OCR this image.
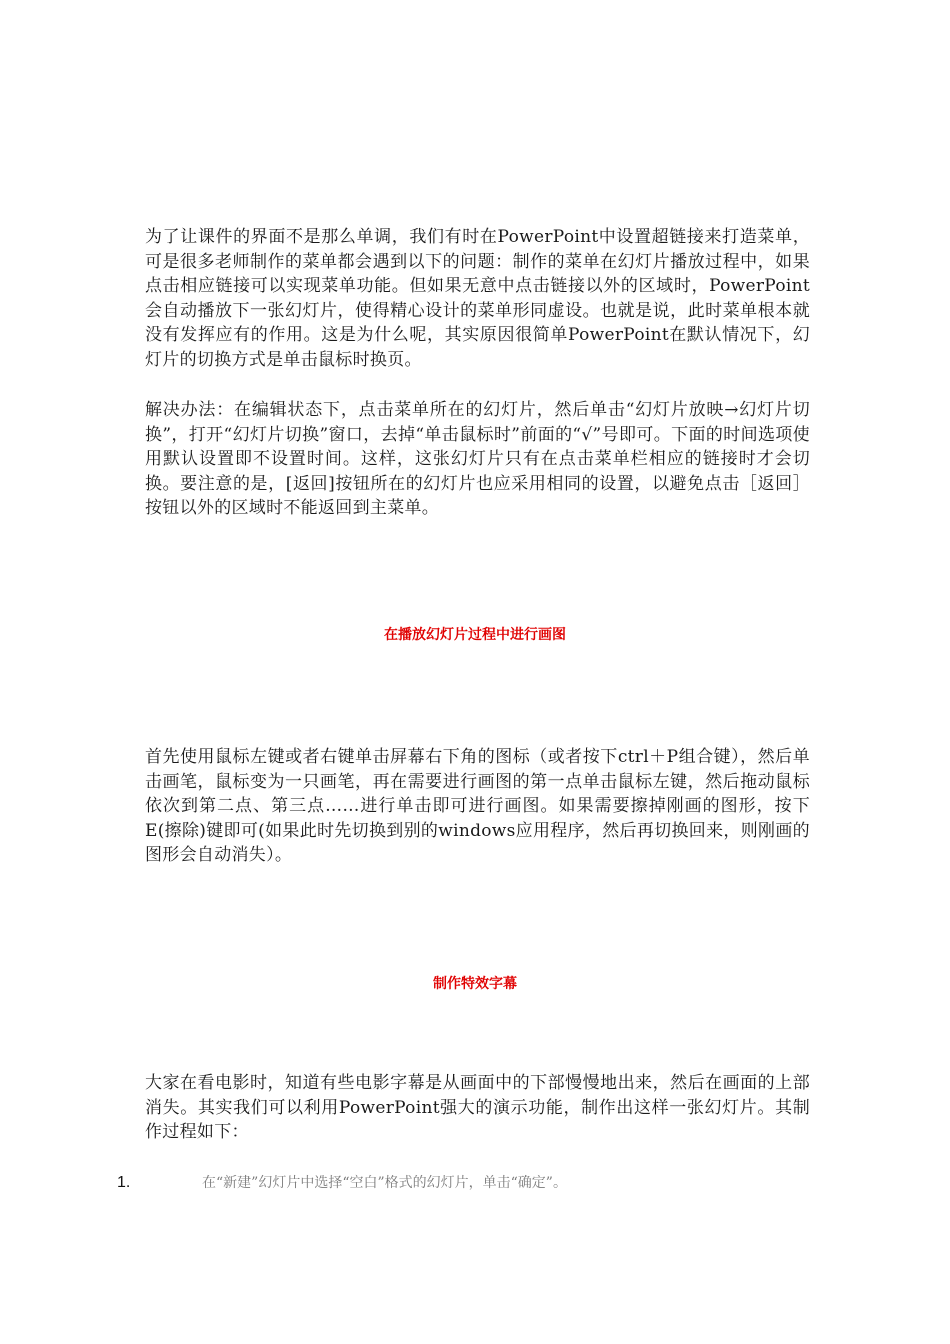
为了让课件的界面不是那么单调，我们有时在PowerPoint中设置超链接来打造菜单，可是很多老师制作的菜单都会遇到以下的问题：制作的菜单在幻灯片播放过程中，如果点击相应链接可以实现菜单功能。但如果无意中点击链接以外的区域时，PowerPoint会自动播放下一张幻灯片，使得精心设计的菜单形同虚设。也就是说，此时菜单根本就没有发挥应有的作用。这是为什么呢，其实原因很简单PowerPoint在默认情况下，幻灯片的切换方式是单击鼠标时换页。

解决办法：在编辑状态下，点击菜单所在的幻灯片，然后单击“幻灯片放映→幻灯片切换”，打开“幻灯片切换”窗口，去掉“单击鼠标时”前面的“√”号即可。下面的时间选项使用默认设置即不设置时间。这样，这张幻灯片只有在点击菜单栏相应的链接时才会切换。要注意的是，[返回]按钮所在的幻灯片也应采用相同的设置，以避免点击［返回］按钮以外的区域时不能返回到主菜单。

在播放幻灯片过程中进行画图

首先使用鼠标左键或者右键单击屏幕右下角的图标（或者按下ctrl＋P组合键），然后单击画笔，鼠标变为一只画笔，再在需要进行画图的第一点单击鼠标左键，然后拖动鼠标依次到第二点、第三点……进行单击即可进行画图。如果需要擦掉刚画的图形，按下E(擦除)键即可(如果此时先切换到别的windows应用程序，然后再切换回来，则刚画的图形会自动消失）。

制作特效字幕

大家在看电影时，知道有些电影字幕是从画面中的下部慢慢地出来，然后在画面的上部消失。其实我们可以利用PowerPoint强大的演示功能，制作出这样一张幻灯片。其制作过程如下：

1.	在“新建”幻灯片中选择“空白”格式的幻灯片，单击“确定”。
